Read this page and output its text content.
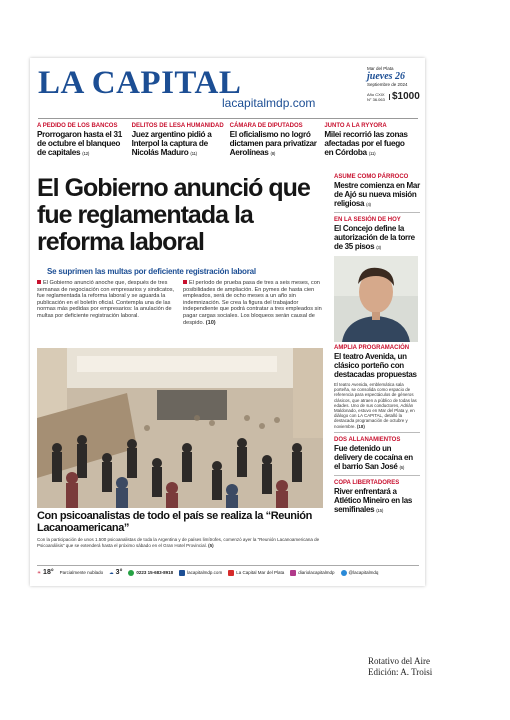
LA CAPITAL
lacapitalmdp.com
Mar del Plata
jueves 26
Septiembre de 2024
Año CXIX N° 36.063 $1000
A PEDIDO DE LOS BANCOS
Prorrogaron hasta el 31 de octubre el blanqueo de capitales (12)
DELITOS DE LESA HUMANIDAD
Juez argentino pidió a Interpol la captura de Nicolás Maduro (11)
CÁMARA DE DIPUTADOS
El oficialismo no logró dictamen para privatizar Aerolíneas (8)
JUNTO A LA RYYORA
Milei recorrió las zonas afectadas por el fuego en Córdoba (11)
El Gobierno anunció que fue reglamentada la reforma laboral
Se suprimen las multas por deficiente registración laboral
El Gobierno anunció anoche que, después de tres semanas de negociación con empresarios y sindicatos, fue reglamentada la reforma laboral y se aguarda la publicación en el boletín oficial. Contempla una de las normas más pedidas por empresarios: la anulación de multas por deficiente registración laboral.
El período de prueba pasa de tres a seis meses, con posibilidades de ampliación. En pymes de hasta cien empleados, será de ocho meses a un año sin indemnización. Se crea la figura del trabajador independiente que podrá contratar a tres empleados sin pagar cargas sociales. Los bloqueos serán causal de despido. (10)
Con psicoanalistas de todo el país se realiza la “Reunión Lacanoamericana”
Con la participación de unos 1.500 psicoanalistas de toda la Argentina y de países limítrofes, comenzó ayer la “Reunión Lacanoamericana de Psicoanálisis” que se extenderá hasta el próximo sábado en el Gran Hotel Provincial. (5)
ASUME COMO PÁRROCO
Mestre comienza en Mar de Ajó su nueva misión religiosa (4)
EN LA SESIÓN DE HOY
El Concejo define la autorización de la torre de 35 pisos (3)
AMPLIA PROGRAMACIÓN
El teatro Avenida, un clásico porteño con destacadas propuestas
El teatro Avenida, emblemática sala porteña, se consolida como espacio de referencia para espectáculos de géneros clásicos, que atraen a público de todas las edades. Uno de sus conductores, Adrián Maldonado, estuvo en Mar del Plata y, en diálogo con LA CAPITAL, detalló la destacada programación de octubre y noviembre. (18)
DOS ALLANAMIENTOS
Fue detenido un delivery de cocaína en el barrio San José (6)
COPA LIBERTADORES
River enfrentará a Atlético Mineiro en las semifinales (15)
☀ 18° Parcialmente nublado ☁ 3°	0223 15-683-8918	lacapitalmdp.com	La Capital Mar del Plata	diariolacapitalmdp	@lacapitalmdq
Rotativo del Aire
Edición: A. Troisi
